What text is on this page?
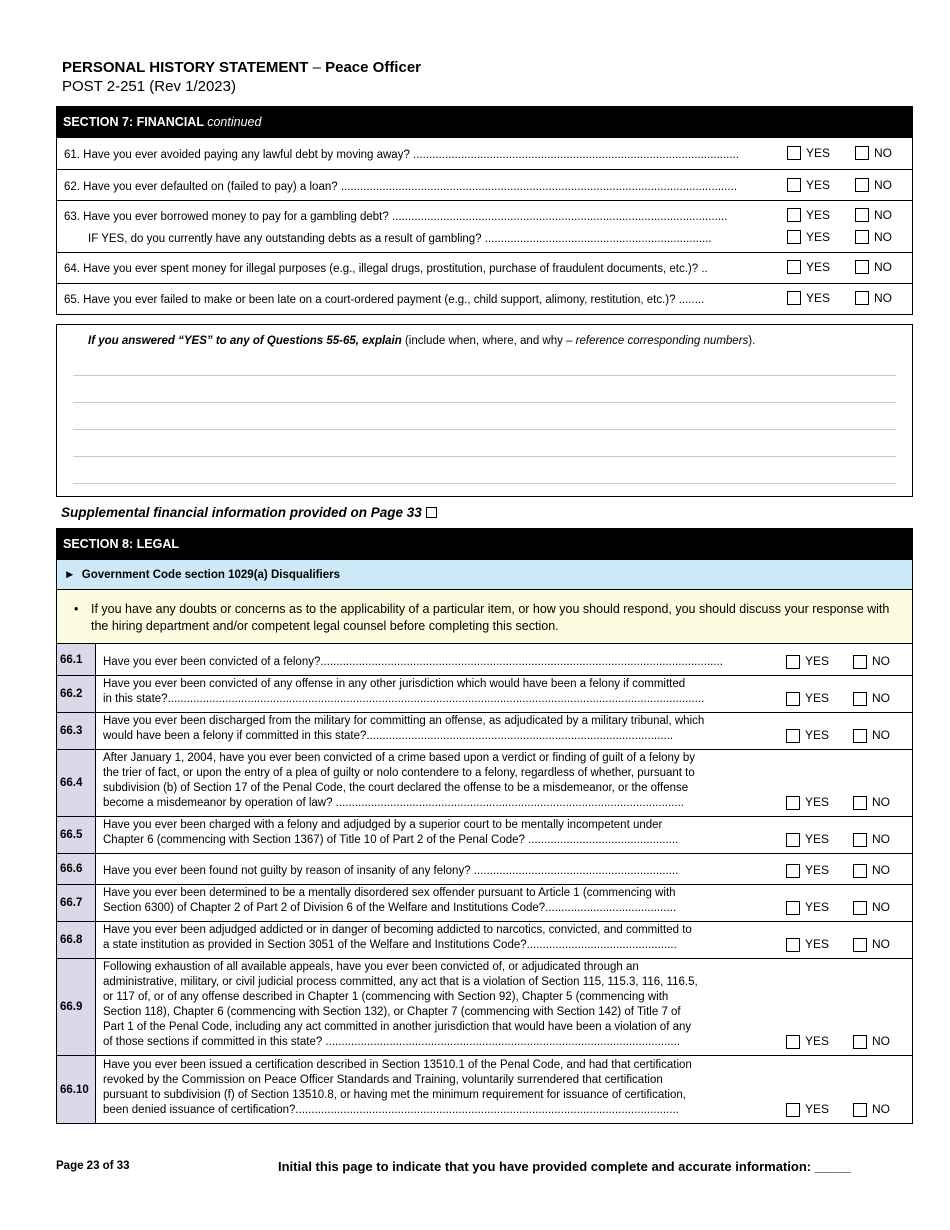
PERSONAL HISTORY STATEMENT – Peace Officer
POST 2-251 (Rev 1/2023)
SECTION 7: FINANCIAL continued
61. Have you ever avoided paying any lawful debt by moving away? ......................................................................................................	YES	NO
62. Have you ever defaulted on (failed to pay) a loan? ............................................................................................................................	YES	NO
63. Have you ever borrowed money to pay for a gambling debt? .........................................................................................................	YES	NO
IF YES, do you currently have any outstanding debts as a result of gambling? .......................................................................	YES	NO
64. Have you ever spent money for illegal purposes (e.g., illegal drugs, prostitution, purchase of fraudulent documents, etc.)? ..	YES	NO
65. Have you ever failed to make or been late on a court-ordered payment (e.g., child support, alimony, restitution, etc.)? ........	YES	NO
If you answered “YES” to any of Questions 55-65, explain (include when, where, and why – reference corresponding numbers).
Supplemental financial information provided on Page 33
SECTION 8: LEGAL
► Government Code section 1029(a) Disqualifiers
• If you have any doubts or concerns as to the applicability of a particular item, or how you should respond, you should discuss your response with the hiring department and/or competent legal counsel before completing this section.
66.1	Have you ever been convicted of a felony?..............................................................................................................................	YES	NO
66.2
Have you ever been convicted of any offense in any other jurisdiction which would have been a felony if committed
in this state?........................................................................................................................................................................	YES	NO
66.3
Have you ever been discharged from the military for committing an offense, as adjudicated by a military tribunal, which
would have been a felony if committed in this state?................................................................................................	YES	NO
66.4
After January 1, 2004, have you ever been convicted of a crime based upon a verdict or finding of guilt of a felony by
the trier of fact, or upon the entry of a plea of guilty or nolo contendere to a felony, regardless of whether, pursuant to
subdivision (b) of Section 17 of the Penal Code, the court declared the offense to be a misdemeanor, or the offense
become a misdemeanor by operation of law? .............................................................................................................	YES	NO
66.5
Have you ever been charged with a felony and adjudged by a superior court to be mentally incompetent under
Chapter 6 (commencing with Section 1367) of Title 10 of Part 2 of the Penal Code? ...............................................	YES	NO
66.6	Have you ever been found not guilty by reason of insanity of any felony? ................................................................	YES	NO
66.7
Have you ever been determined to be a mentally disordered sex offender pursuant to Article 1 (commencing with
Section 6300) of Chapter 2 of Part 2 of Division 6 of the Welfare and Institutions Code?.........................................	YES	NO
66.8
Have you ever been adjudged addicted or in danger of becoming addicted to narcotics, convicted, and committed to
a state institution as provided in Section 3051 of the Welfare and Institutions Code?...............................................	YES	NO
66.9
Following exhaustion of all available appeals, have you ever been convicted of, or adjudicated through an
administrative, military, or civil judicial process committed, any act that is a violation of Section 115, 115.3, 116, 116.5,
or 117 of, or of any offense described in Chapter 1 (commencing with Section 92), Chapter 5 (commencing with
Section 118), Chapter 6 (commencing with Section 132), or Chapter 7 (commencing with Section 142) of Title 7 of
Part 1 of the Penal Code, including any act committed in another jurisdiction that would have been a violation of any
of those sections if committed in this state? ...............................................................................................................	YES	NO
66.10
Have you ever been issued a certification described in Section 13510.1 of the Penal Code, and had that certification
revoked by the Commission on Peace Officer Standards and Training, voluntarily surrendered that certification
pursuant to subdivision (f) of Section 13510.8, or having met the minimum requirement for issuance of certification,
been denied issuance of certification?........................................................................................................................	YES	NO
Page 23 of 33	Initial this page to indicate that you have provided complete and accurate information: _____
